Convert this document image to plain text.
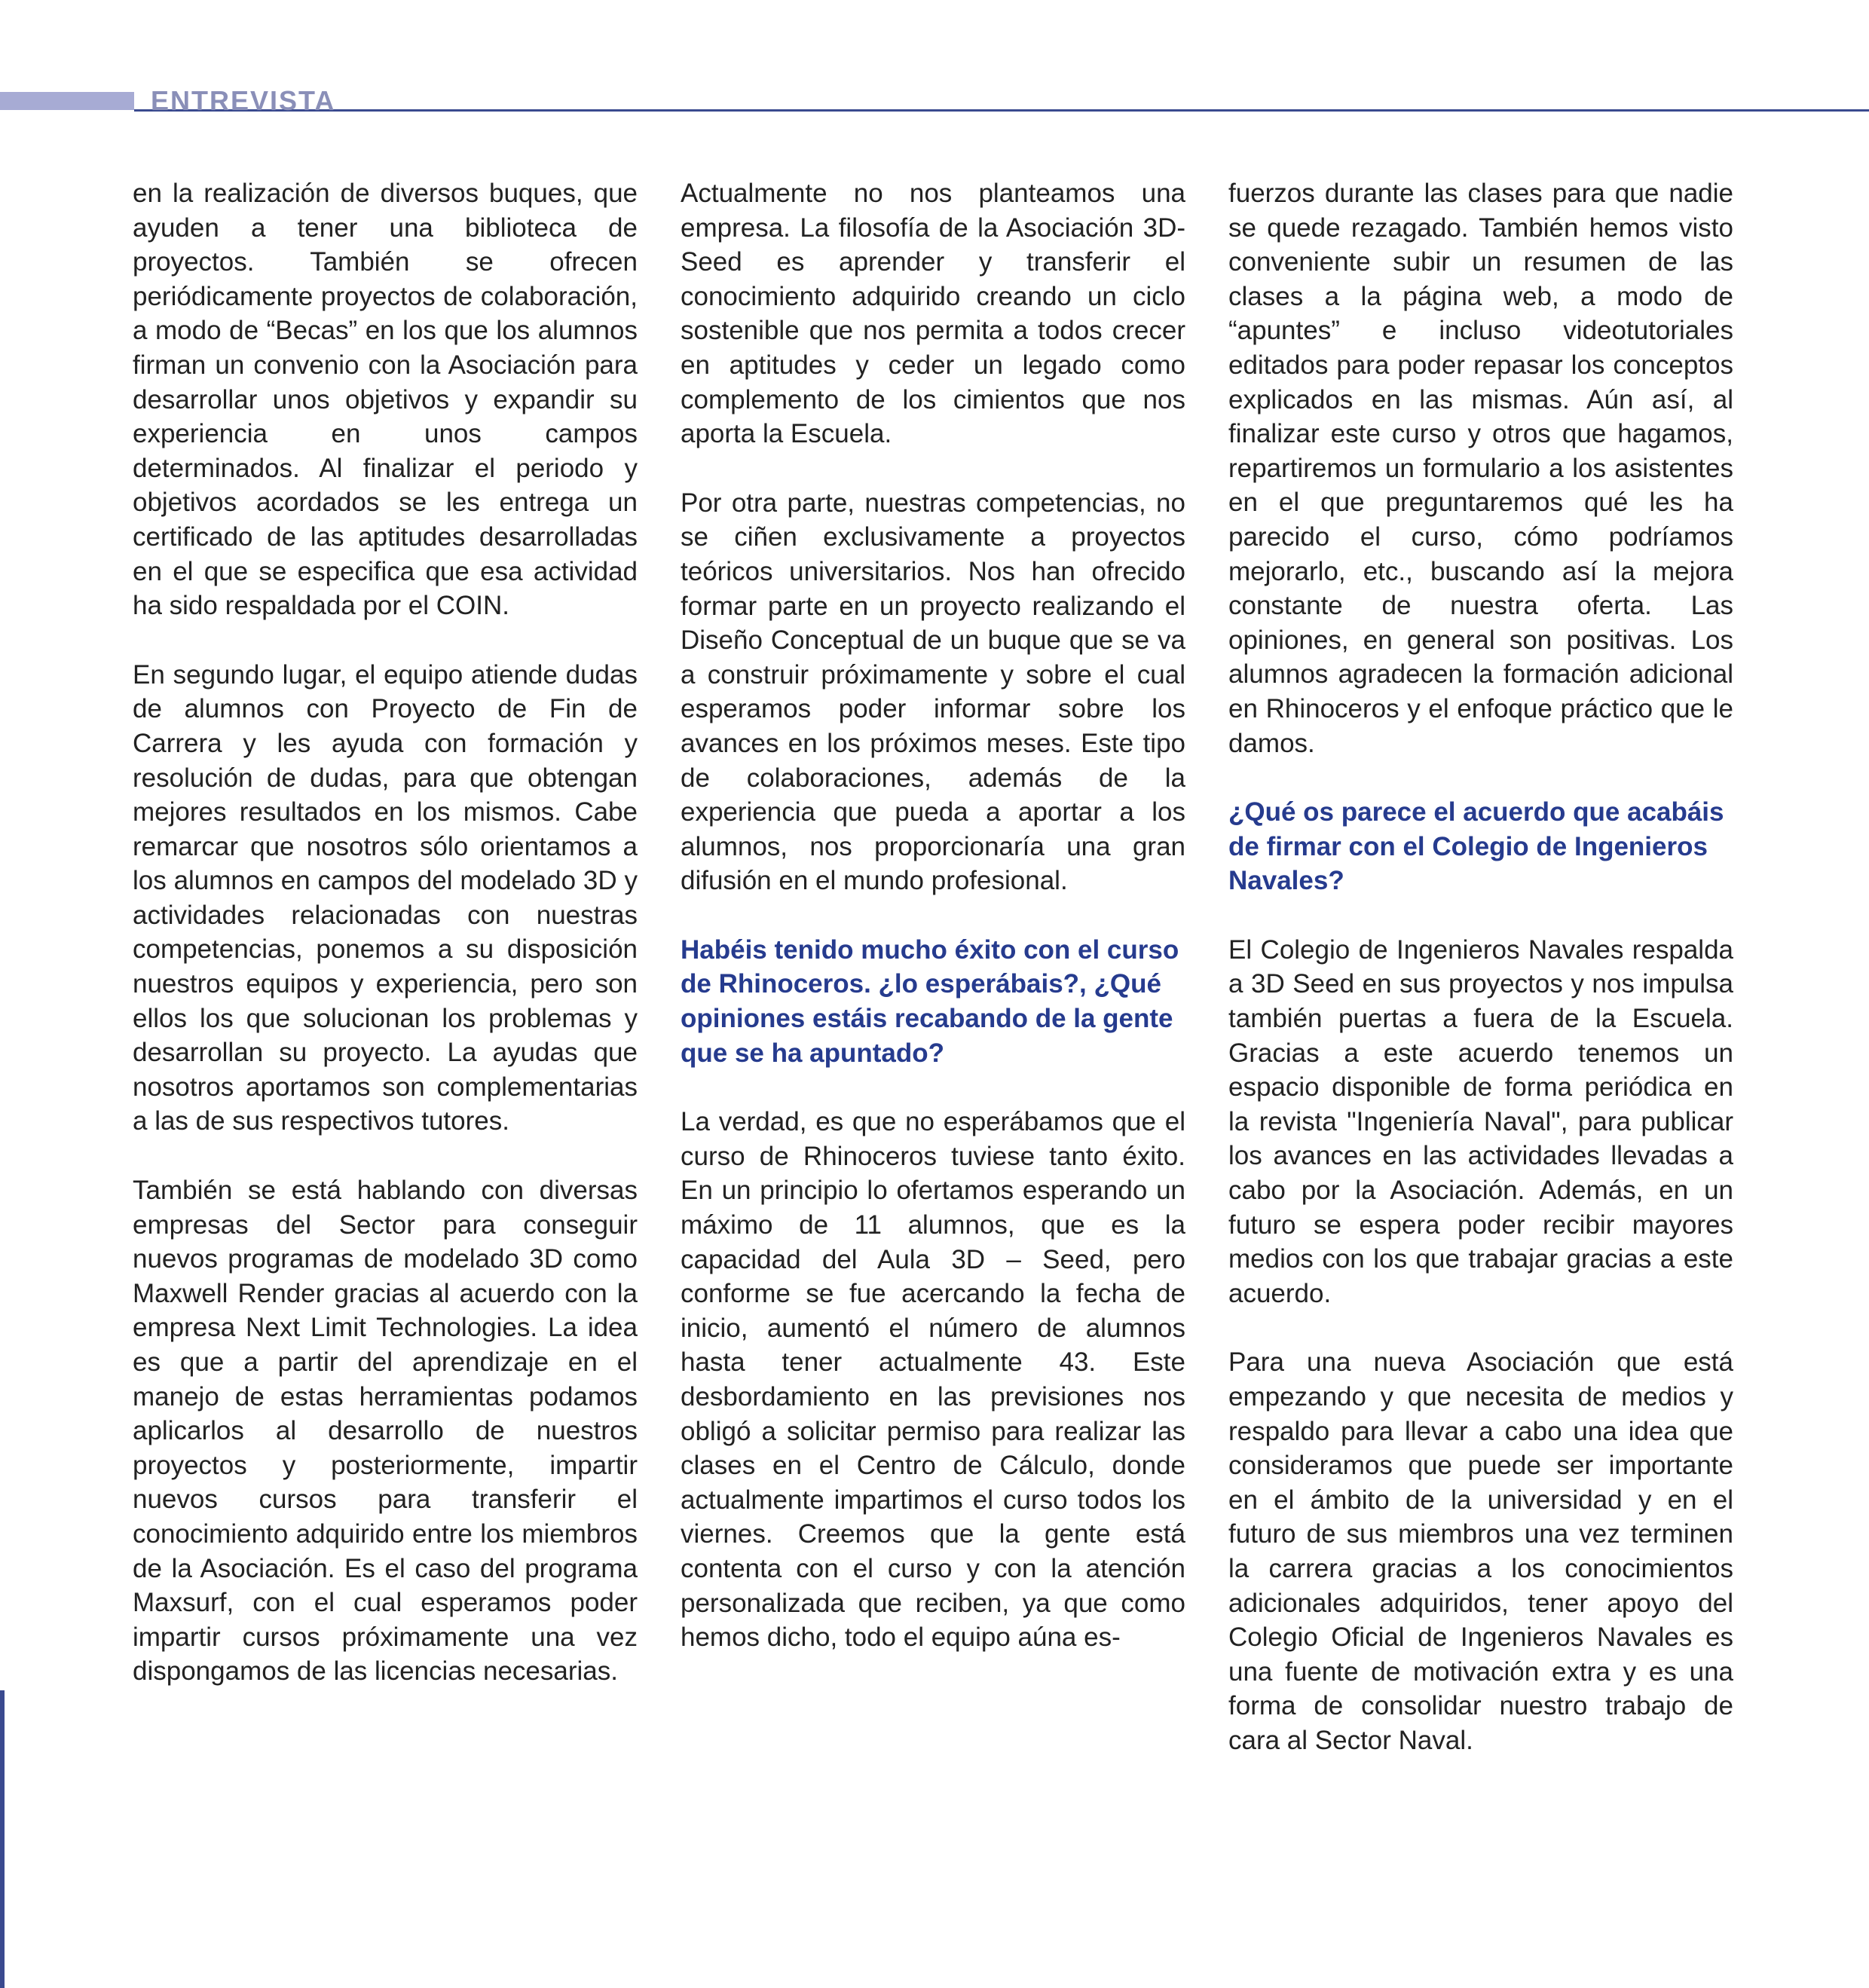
ENTREVISTA

en la realización de diversos buques, que ayuden a tener una biblioteca de proyectos. También se ofrecen periódicamente proyectos de colaboración, a modo de “Becas” en los que los alumnos firman un convenio con la Asociación para desarrollar unos objetivos y expandir su experiencia en unos campos determinados. Al finalizar el periodo y objetivos acordados se les entrega un certificado de las aptitudes desarrolladas en el que se especifica que esa actividad ha sido respaldada por el COIN.

En segundo lugar, el equipo atiende dudas de alumnos con Proyecto de Fin de Carrera y les ayuda con formación y resolución de dudas, para que obtengan mejores resultados en los mismos. Cabe remarcar que nosotros sólo orientamos a los alumnos en campos del modelado 3D y actividades relacionadas con nuestras competencias, ponemos a su disposición nuestros equipos y experiencia, pero son ellos los que solucionan los problemas y desarrollan su proyecto. La ayudas que nosotros aportamos son complementarias a las de sus respectivos tutores.

También se está hablando con diversas empresas del Sector para conseguir nuevos programas de modelado 3D como Maxwell Render gracias al acuerdo con la empresa Next Limit Technologies. La idea es que a partir del aprendizaje en el manejo de estas herramientas podamos aplicarlos al desarrollo de nuestros proyectos y posteriormente, impartir nuevos cursos para transferir el conocimiento adquirido entre los miembros de la Asociación. Es el caso del programa Maxsurf, con el cual esperamos poder impartir cursos próximamente una vez dispongamos de las licencias necesarias.

Actualmente no nos planteamos una empresa. La filosofía de la Asociación 3D-Seed es aprender y transferir el conocimiento adquirido creando un ciclo sostenible que nos permita a todos crecer en aptitudes y ceder un legado como complemento de los cimientos que nos aporta la Escuela.

Por otra parte, nuestras competencias, no se ciñen exclusivamente a proyectos teóricos universitarios. Nos han ofrecido formar parte en un proyecto realizando el Diseño Conceptual de un buque que se va a construir próximamente y sobre el cual esperamos poder informar sobre los avances en los próximos meses. Este tipo de colaboraciones, además de la experiencia que pueda a aportar a los alumnos, nos proporcionaría una gran difusión en el mundo profesional.

Habéis tenido mucho éxito con el curso de Rhinoceros. ¿lo esperábais?, ¿Qué opiniones estáis recabando de la gente que se ha apuntado?

La verdad, es que no esperábamos que el curso de Rhinoceros tuviese tanto éxito. En un principio lo ofertamos esperando un máximo de 11 alumnos, que es la capacidad del Aula 3D – Seed, pero conforme se fue acercando la fecha de inicio, aumentó el número de alumnos hasta tener actualmente 43. Este desbordamiento en las previsiones nos obligó a solicitar permiso para realizar las clases en el Centro de Cálculo, donde actualmente impartimos el curso todos los viernes. Creemos que la gente está contenta con el curso y con la atención personalizada que reciben, ya que como hemos dicho, todo el equipo aúna es-

fuerzos durante las clases para que nadie se quede rezagado. También hemos visto conveniente subir un resumen de las clases a la página web, a modo de “apuntes” e incluso videotutoriales editados para poder repasar los conceptos explicados en las mismas. Aún así, al finalizar este curso y otros que hagamos, repartiremos un formulario a los asistentes en el que preguntaremos qué les ha parecido el curso, cómo podríamos mejorarlo, etc., buscando así la mejora constante de nuestra oferta. Las opiniones, en general son positivas. Los alumnos agradecen la formación adicional en Rhinoceros y el enfoque práctico que le damos.

¿Qué os parece el acuerdo que acabáis de firmar con el Colegio de Ingenieros Navales?

El Colegio de Ingenieros Navales respalda a 3D Seed en sus proyectos y nos impulsa también puertas a fuera de la Escuela. Gracias a este acuerdo tenemos un espacio disponible de forma periódica en la revista "Ingeniería Naval", para publicar los avances en las actividades llevadas a cabo por la Asociación. Además, en un futuro se espera poder recibir mayores medios con los que trabajar gracias a este acuerdo.

Para una nueva Asociación que está empezando y que necesita de medios y respaldo para llevar a cabo una idea que consideramos que puede ser importante en el ámbito de la universidad y en el futuro de sus miembros una vez terminen la carrera gracias a los conocimientos adicionales adquiridos, tener apoyo del Colegio Oficial de Ingenieros Navales es una fuente de motivación extra y es una forma de consolidar nuestro trabajo de cara al Sector Naval.
